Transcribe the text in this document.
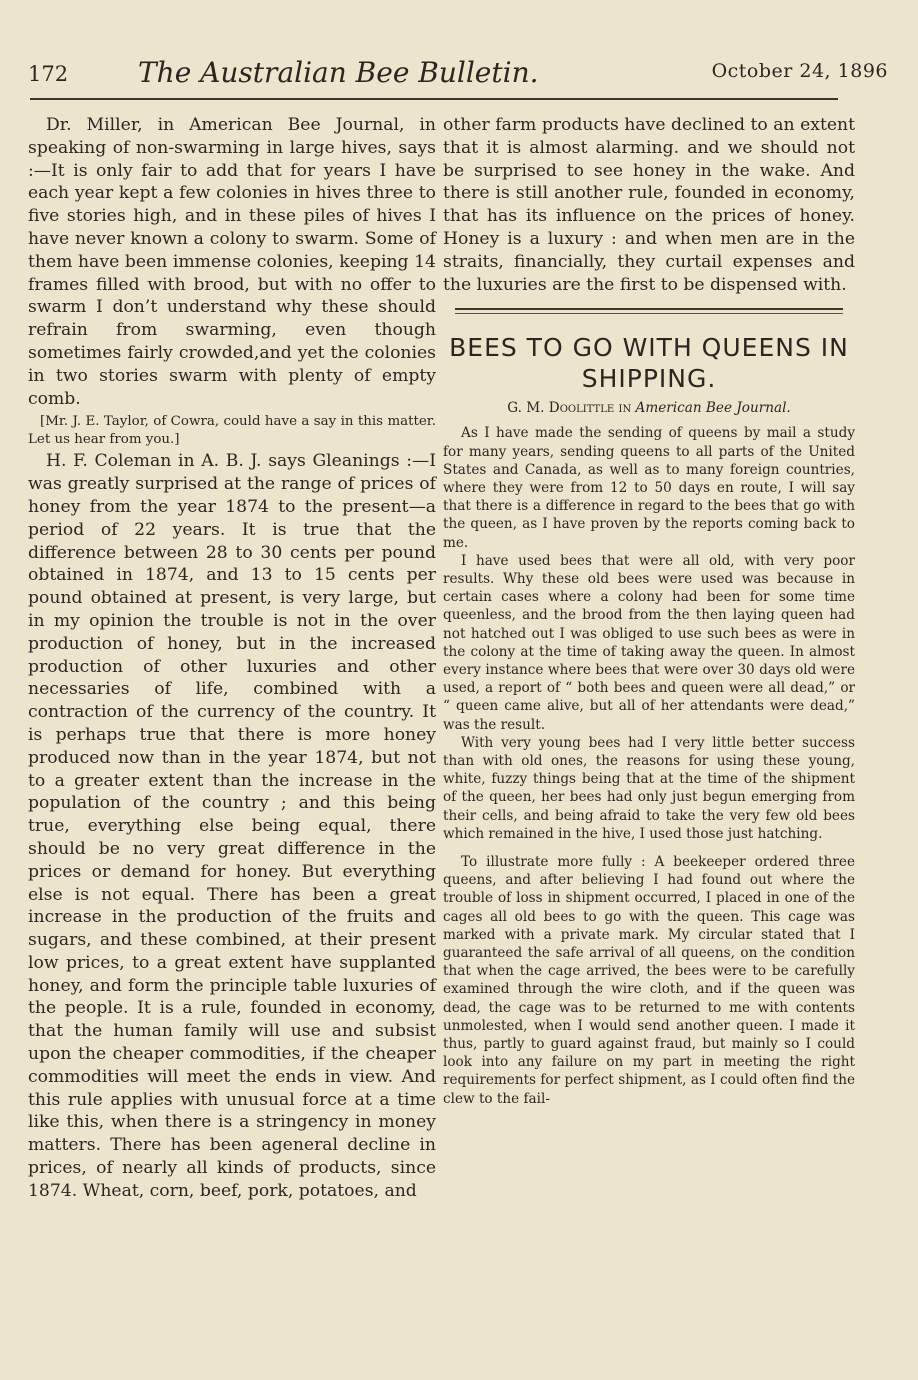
172 The Australian Bee Bulletin.	October 24, 1896

Dr. Miller, in American Bee Journal, in speaking of non-swarming in large hives, says :—It is only fair to add that for years I have each year kept a few colonies in hives three to five stories high, and in these piles of hives I have never known a colony to swarm. Some of them have been immense colonies, keeping 14 frames filled with brood, but with no offer to swarm I don’t understand why these should refrain from swarming, even though sometimes fairly crowded,and yet the colonies in two stories swarm with plenty of empty comb.

[Mr. J. E. Taylor, of Cowra, could have a say in this matter. Let us hear from you.]

H. F. Coleman in A. B. J. says Gleanings :—I was greatly surprised at the range of prices of honey from the year 1874 to the present—a period of 22 years. It is true that the difference between 28 to 30 cents per pound obtained in 1874, and 13 to 15 cents per pound obtained at present, is very large, but in my opinion the trouble is not in the over production of honey, but in the increased production of other luxuries and other necessaries of life, combined with a contraction of the currency of the country. It is perhaps true that there is more honey produced now than in the year 1874, but not to a greater extent than the increase in the population of the country ; and this being true, everything else being equal, there should be no very great difference in the prices or demand for honey. But everything else is not equal. There has been a great increase in the production of the fruits and sugars, and these combined, at their present low prices, to a great extent have supplanted honey, and form the principle table luxuries of the people. It is a rule, founded in economy, that the human family will use and subsist upon the cheaper commodities, if the cheaper commodities will meet the ends in view. And this rule applies with unusual force at a time like this, when there is a stringency in money matters. There has been ageneral decline in prices, of nearly all kinds of products, since 1874. Wheat, corn, beef, pork, potatoes, and

other farm products have declined to an extent that it is almost alarming. and we should not be surprised to see honey in the wake. And there is still another rule, founded in economy, that has its influence on the prices of honey. Honey is a luxury : and when men are in the straits, financially, they curtail expenses and the luxuries are the first to be dispensed with.

BEES TO GO WITH QUEENS IN SHIPPING.
G. M. Doolittle in American Bee Journal.

As I have made the sending of queens by mail a study for many years, sending queens to all parts of the United States and Canada, as well as to many foreign countries, where they were from 12 to 50 days en route, I will say that there is a difference in regard to the bees that go with the queen, as I have proven by the reports coming back to me.

I have used bees that were all old, with very poor results. Why these old bees were used was because in certain cases where a colony had been for some time queenless, and the brood from the then laying queen had not hatched out I was obliged to use such bees as were in the colony at the time of taking away the queen. In almost every instance where bees that were over 30 days old were used, a report of “ both bees and queen were all dead,” or “ queen came alive, but all of her attendants were dead,” was the result.

With very young bees had I very little better success than with old ones, the reasons for using these young, white, fuzzy things being that at the time of the shipment of the queen, her bees had only just begun emerging from their cells, and being afraid to take the very few old bees which remained in the hive, I used those just hatching.

To illustrate more fully : A beekeeper ordered three queens, and after believing I had found out where the trouble of loss in shipment occurred, I placed in one of the cages all old bees to go with the queen. This cage was marked with a private mark. My circular stated that I guaranteed the safe arrival of all queens, on the condition that when the cage arrived, the bees were to be carefully examined through the wire cloth, and if the queen was dead, the cage was to be returned to me with contents unmolested, when I would send another queen. I made it thus, partly to guard against fraud, but mainly so I could look into any failure on my part in meeting the right requirements for perfect shipment, as I could often find the clew to the fail-
